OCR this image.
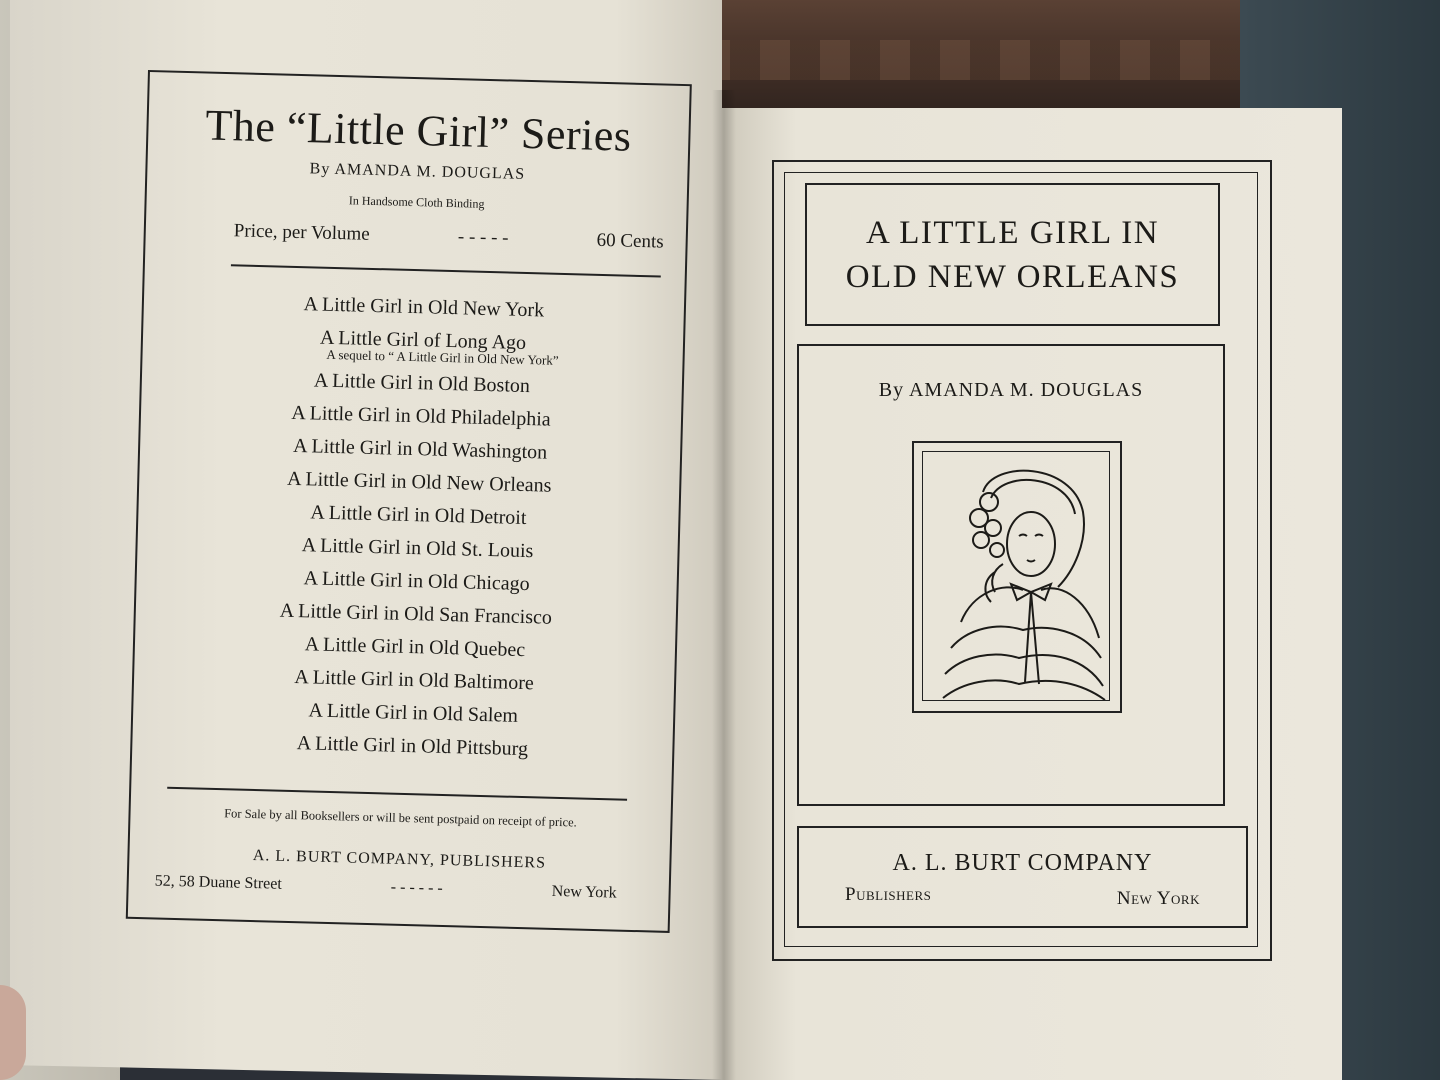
The “Little Girl” Series
By AMANDA M. DOUGLAS
In Handsome Cloth Binding
Price, per Volume	- - - - -	60 Cents
A Little Girl in Old New York
A Little Girl of Long Ago
A sequel to “ A Little Girl in Old New York”
A Little Girl in Old Boston
A Little Girl in Old Philadelphia
A Little Girl in Old Washington
A Little Girl in Old New Orleans
A Little Girl in Old Detroit
A Little Girl in Old St. Louis
A Little Girl in Old Chicago
A Little Girl in Old San Francisco
A Little Girl in Old Quebec
A Little Girl in Old Baltimore
A Little Girl in Old Salem
A Little Girl in Old Pittsburg
For Sale by all Booksellers or will be sent postpaid on receipt of price.
A. L. BURT COMPANY, PUBLISHERS
52, 58 Duane Street	- - - - - -	New York
A LITTLE GIRL IN
OLD NEW ORLEANS
By AMANDA M. DOUGLAS
A. L. BURT COMPANY
Publishers	New York
